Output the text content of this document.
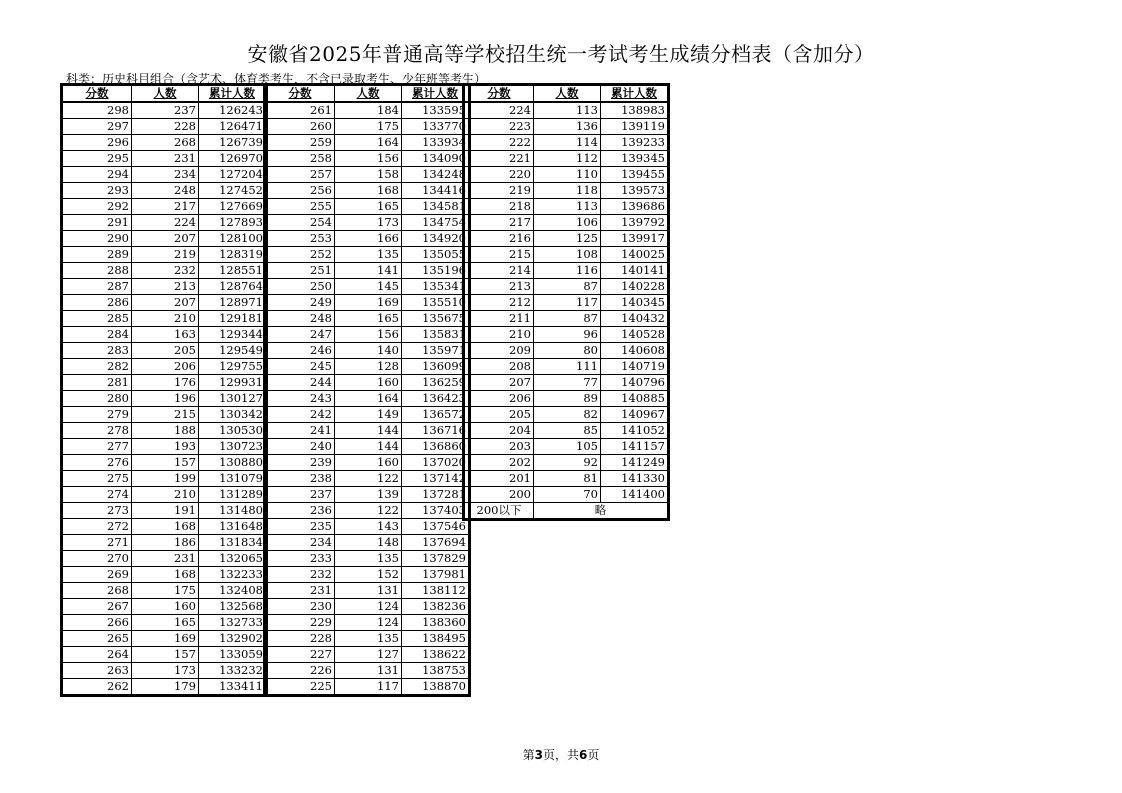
安徽省2025年普通高等学校招生统一考试考生成绩分档表（含加分）
科类：历史科目组合（含艺术、体育类考生，不含已录取考生、少年班等考生）
分数	人数	累计人数
298	237	126243
297	228	126471
296	268	126739
295	231	126970
294	234	127204
293	248	127452
292	217	127669
291	224	127893
290	207	128100
289	219	128319
288	232	128551
287	213	128764
286	207	128971
285	210	129181
284	163	129344
283	205	129549
282	206	129755
281	176	129931
280	196	130127
279	215	130342
278	188	130530
277	193	130723
276	157	130880
275	199	131079
274	210	131289
273	191	131480
272	168	131648
271	186	131834
270	231	132065
269	168	132233
268	175	132408
267	160	132568
266	165	132733
265	169	132902
264	157	133059
263	173	133232
262	179	133411
分数	人数	累计人数
261	184	133595
260	175	133770
259	164	133934
258	156	134090
257	158	134248
256	168	134416
255	165	134581
254	173	134754
253	166	134920
252	135	135055
251	141	135196
250	145	135341
249	169	135510
248	165	135675
247	156	135831
246	140	135971
245	128	136099
244	160	136259
243	164	136423
242	149	136572
241	144	136716
240	144	136860
239	160	137020
238	122	137142
237	139	137281
236	122	137403
235	143	137546
234	148	137694
233	135	137829
232	152	137981
231	131	138112
230	124	138236
229	124	138360
228	135	138495
227	127	138622
226	131	138753
225	117	138870
分数	人数	累计人数
224	113	138983
223	136	139119
222	114	139233
221	112	139345
220	110	139455
219	118	139573
218	113	139686
217	106	139792
216	125	139917
215	108	140025
214	116	140141
213	87	140228
212	117	140345
211	87	140432
210	96	140528
209	80	140608
208	111	140719
207	77	140796
206	89	140885
205	82	140967
204	85	141052
203	105	141157
202	92	141249
201	81	141330
200	70	141400
200以下	略	
第3页，共6页
